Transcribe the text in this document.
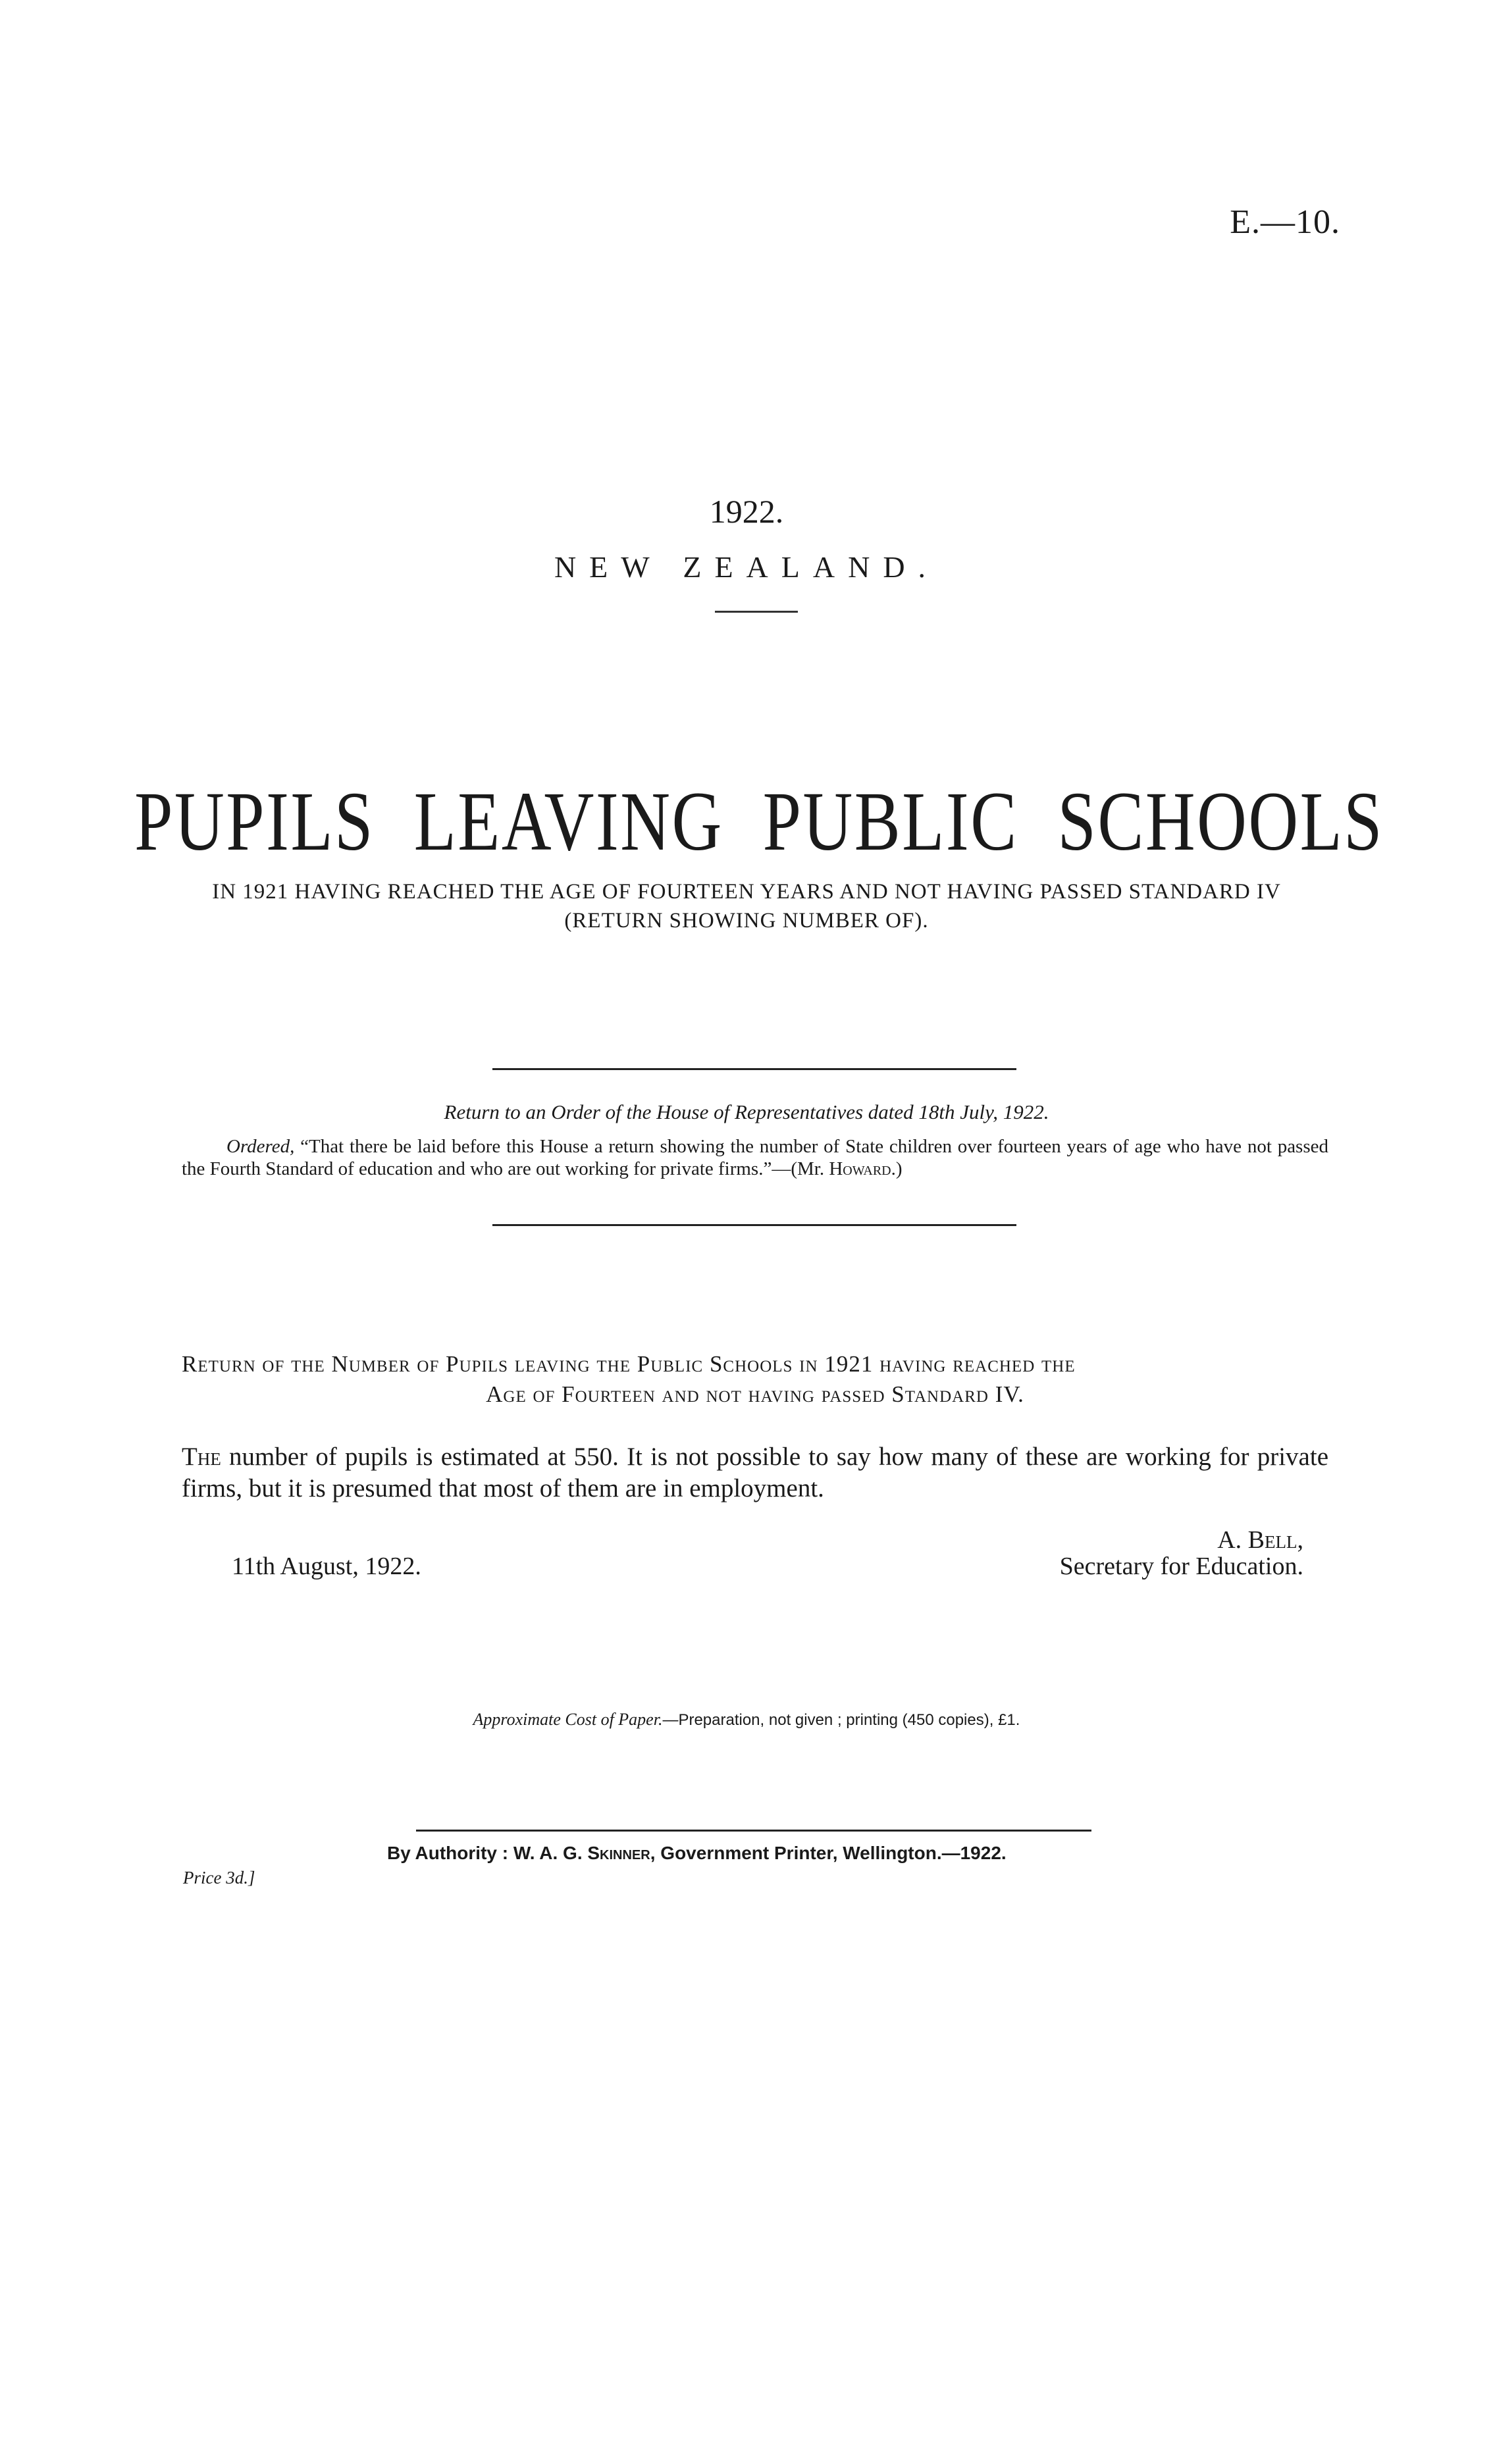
E.—10.
1922.
NEW ZEALAND.
PUPILS LEAVING PUBLIC SCHOOLS
IN 1921 HAVING REACHED THE AGE OF FOURTEEN YEARS AND NOT HAVING PASSED STANDARD IV (RETURN SHOWING NUMBER OF).
Return to an Order of the House of Representatives dated 18th July, 1922.
Ordered, “That there be laid before this House a return showing the number of State children over fourteen years of age who have not passed the Fourth Standard of education and who are out working for private firms.”—(Mr. Howard.)
Return of the Number of Pupils leaving the Public Schools in 1921 having reached the
Age of Fourteen and not having passed Standard IV.
The number of pupils is estimated at 550. It is not possible to say how many of these are working for private firms, but it is presumed that most of them are in employment.
A. Bell,
11th August, 1922.	Secretary for Education.
Approximate Cost of Paper.—Preparation, not given ; printing (450 copies), £1.
By Authority : W. A. G. Skinner, Government Printer, Wellington.—1922.
Price 3d.]
